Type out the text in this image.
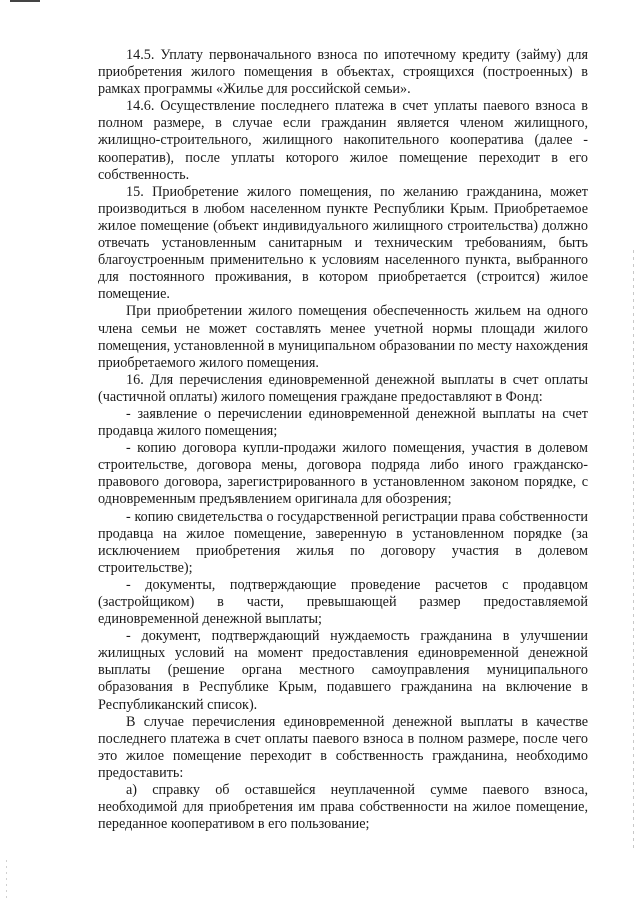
14.5. Уплату первоначального взноса по ипотечному кредиту (займу) для приобретения жилого помещения в объектах, строящихся (построенных) в рамках программы «Жилье для российской семьи».

14.6. Осуществление последнего платежа в счет уплаты паевого взноса в полном размере, в случае если гражданин является членом жилищного, жилищно-строительного, жилищного накопительного кооператива (далее - кооператив), после уплаты которого жилое помещение переходит в его собственность.

15. Приобретение жилого помещения, по желанию гражданина, может производиться в любом населенном пункте Республики Крым. Приобретаемое жилое помещение (объект индивидуального жилищного строительства) должно отвечать установленным санитарным и техническим требованиям, быть благоустроенным применительно к условиям населенного пункта, выбранного для постоянного проживания, в котором приобретается (строится) жилое помещение.

При приобретении жилого помещения обеспеченность жильем на одного члена семьи не может составлять менее учетной нормы площади жилого помещения, установленной в муниципальном образовании по месту нахождения приобретаемого жилого помещения.

16. Для перечисления единовременной денежной выплаты в счет оплаты (частичной оплаты) жилого помещения граждане предоставляют в Фонд:

- заявление о перечислении единовременной денежной выплаты на счет продавца жилого помещения;

- копию договора купли-продажи жилого помещения, участия в долевом строительстве, договора мены, договора подряда либо иного гражданско-правового договора, зарегистрированного в установленном законом порядке, с одновременным предъявлением оригинала для обозрения;

- копию свидетельства о государственной регистрации права собственности продавца на жилое помещение, заверенную в установленном порядке (за исключением приобретения жилья по договору участия в долевом строительстве);

- документы, подтверждающие проведение расчетов с продавцом (застройщиком) в части, превышающей размер предоставляемой единовременной денежной выплаты;

- документ, подтверждающий нуждаемость гражданина в улучшении жилищных условий на момент предоставления единовременной денежной выплаты (решение органа местного самоуправления муниципального образования в Республике Крым, подавшего гражданина на включение в Республиканский список).

В случае перечисления единовременной денежной выплаты в качестве последнего платежа в счет оплаты паевого взноса в полном размере, после чего это жилое помещение переходит в собственность гражданина, необходимо предоставить:

а) справку об оставшейся неуплаченной сумме паевого взноса, необходимой для приобретения им права собственности на жилое помещение, переданное кооперативом в его пользование;
